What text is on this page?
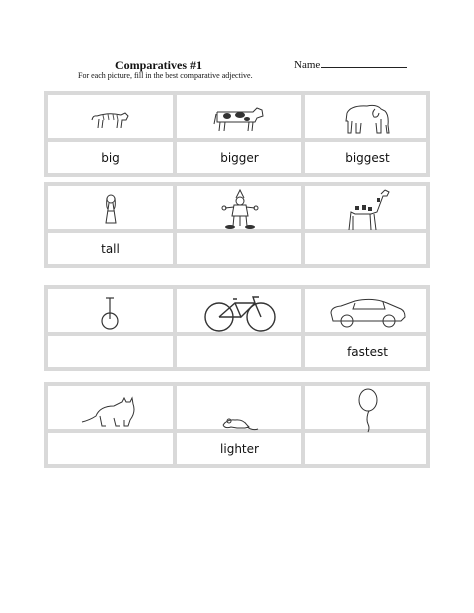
Comparatives #1
For each picture, fill in the best comparative adjective.
Name
big	bigger	biggest
tall
fastest
lighter
